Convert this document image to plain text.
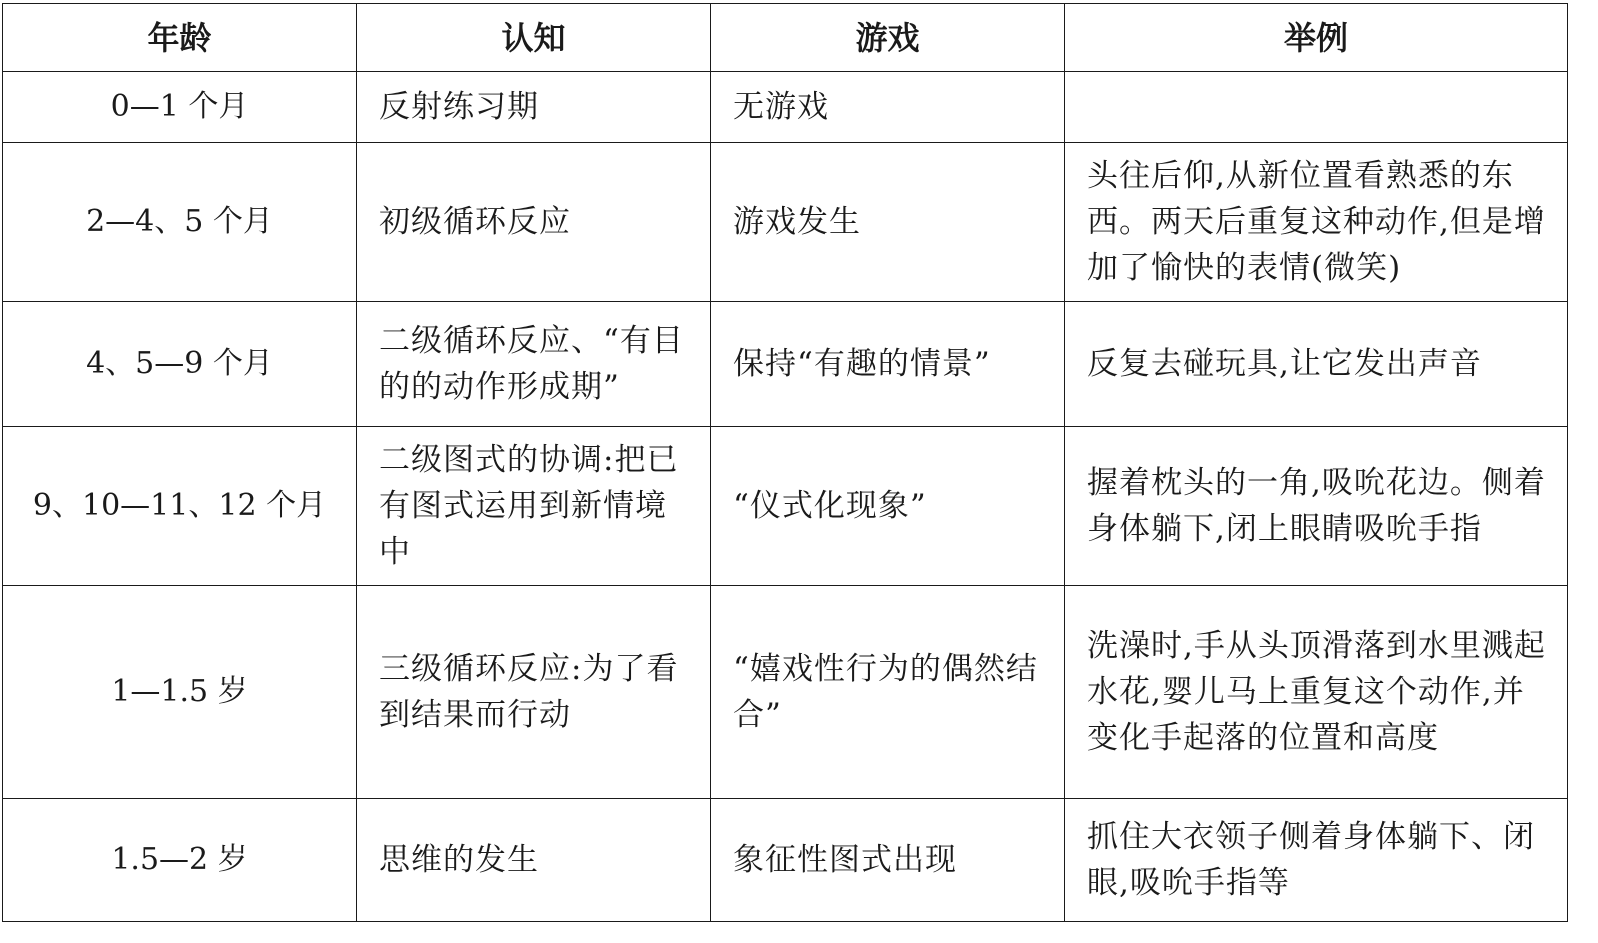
年龄	认知	游戏	举例
0—1 个月	反射练习期	无游戏	
2—4、5 个月	初级循环反应	游戏发生	头往后仰,从新位置看熟悉的东西。两天后重复这种动作,但是增加了愉快的表情(微笑)
4、5—9 个月	二级循环反应、“有目的的动作形成期”	保持“有趣的情景”	反复去碰玩具,让它发出声音
9、10—11、12 个月	二级图式的协调:把已有图式运用到新情境中	“仪式化现象”	握着枕头的一角,吸吮花边。侧着身体躺下,闭上眼睛吸吮手指
1—1.5 岁	三级循环反应:为了看到结果而行动	“嬉戏性行为的偶然结合”	洗澡时,手从头顶滑落到水里溅起水花,婴儿马上重复这个动作,并变化手起落的位置和高度
1.5—2 岁	思维的发生	象征性图式出现	抓住大衣领子侧着身体躺下、闭眼,吸吮手指等
